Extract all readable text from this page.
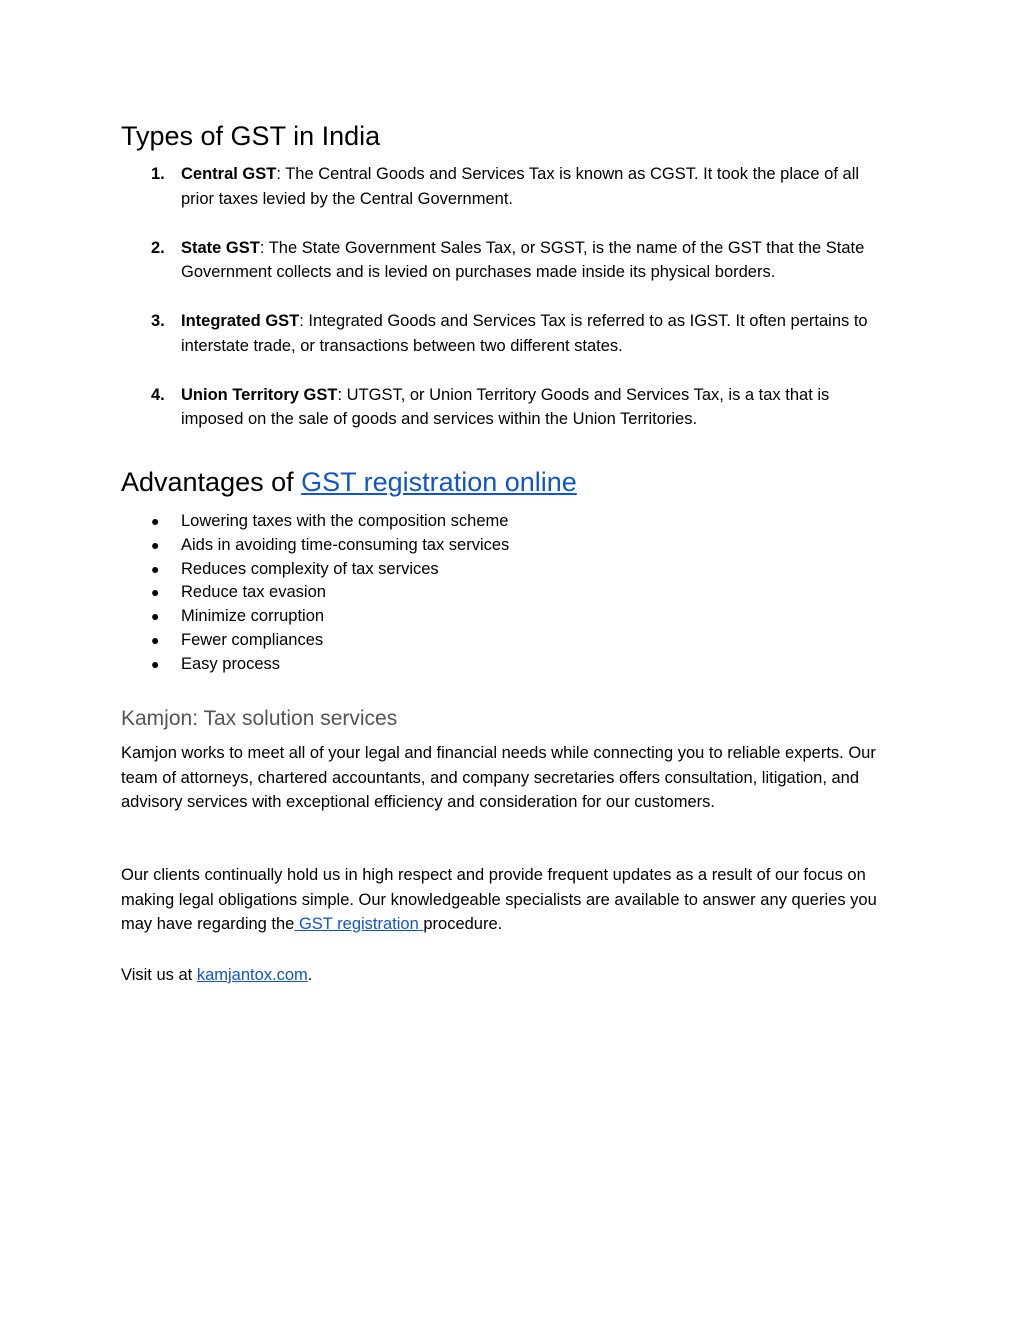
Types of GST in India
1. Central GST: The Central Goods and Services Tax is known as CGST. It took the place of all prior taxes levied by the Central Government.
2. State GST: The State Government Sales Tax, or SGST, is the name of the GST that the State Government collects and is levied on purchases made inside its physical borders.
3. Integrated GST: Integrated Goods and Services Tax is referred to as IGST. It often pertains to interstate trade, or transactions between two different states.
4. Union Territory GST: UTGST, or Union Territory Goods and Services Tax, is a tax that is imposed on the sale of goods and services within the Union Territories.
Advantages of GST registration online
● Lowering taxes with the composition scheme
● Aids in avoiding time-consuming tax services
● Reduces complexity of tax services
● Reduce tax evasion
● Minimize corruption
● Fewer compliances
● Easy process
Kamjon: Tax solution services

Kamjon works to meet all of your legal and financial needs while connecting you to reliable experts. Our team of attorneys, chartered accountants, and company secretaries offers consultation, litigation, and advisory services with exceptional efficiency and consideration for our customers.

Our clients continually hold us in high respect and provide frequent updates as a result of our focus on making legal obligations simple. Our knowledgeable specialists are available to answer any queries you may have regarding the GST registration procedure.

Visit us at kamjantox.com.
